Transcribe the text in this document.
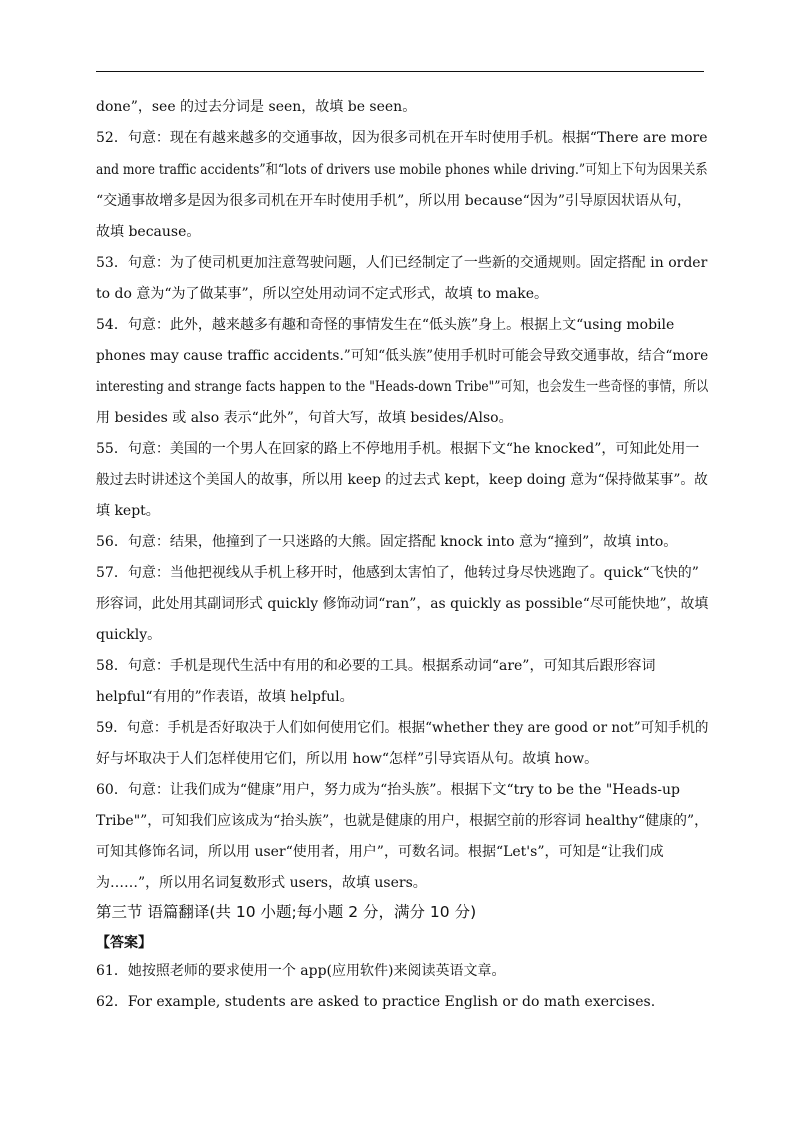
done”，see 的过去分词是 seen，故填 be seen。
52．句意：现在有越来越多的交通事故，因为很多司机在开车时使用手机。根据“There are more
and more traffic accidents”和“lots of drivers use mobile phones while driving.”可知上下句为因果关系
“交通事故增多是因为很多司机在开车时使用手机”，所以用 because“因为”引导原因状语从句，
故填 because。
53．句意：为了使司机更加注意驾驶问题，人们已经制定了一些新的交通规则。固定搭配 in order
to do 意为“为了做某事”，所以空处用动词不定式形式，故填 to make。
54．句意：此外，越来越多有趣和奇怪的事情发生在“低头族”身上。根据上文“using mobile
phones may cause traffic accidents.”可知“低头族”使用手机时可能会导致交通事故，结合“more
interesting and strange facts happen to the "Heads-down Tribe"”可知，也会发生一些奇怪的事情，所以
用 besides 或 also 表示“此外”，句首大写，故填 besides/Also。
55．句意：美国的一个男人在回家的路上不停地用手机。根据下文“he knocked”，可知此处用一
般过去时讲述这个美国人的故事，所以用 keep 的过去式 kept，keep doing 意为“保持做某事”。故
填 kept。
56．句意：结果，他撞到了一只迷路的大熊。固定搭配 knock into 意为“撞到”，故填 into。
57．句意：当他把视线从手机上移开时，他感到太害怕了，他转过身尽快逃跑了。quick“飞快的”
形容词，此处用其副词形式 quickly 修饰动词“ran”，as quickly as possible“尽可能快地”，故填
quickly。
58．句意：手机是现代生活中有用的和必要的工具。根据系动词“are”，可知其后跟形容词
helpful“有用的”作表语，故填 helpful。
59．句意：手机是否好取决于人们如何使用它们。根据“whether they are good or not”可知手机的
好与坏取决于人们怎样使用它们，所以用 how“怎样”引导宾语从句。故填 how。
60．句意：让我们成为“健康”用户，努力成为“抬头族”。根据下文“try to be the "Heads-up
Tribe"”，可知我们应该成为“抬头族”，也就是健康的用户，根据空前的形容词 healthy“健康的”，
可知其修饰名词，所以用 user“使用者，用户”，可数名词。根据“Let's”，可知是“让我们成
为……”，所以用名词复数形式 users，故填 users。
第三节 语篇翻译(共 10 小题;每小题 2 分，满分 10 分)
【答案】
61．她按照老师的要求使用一个 app(应用软件)来阅读英语文章。
62．For example, students are asked to practice English or do math exercises.
